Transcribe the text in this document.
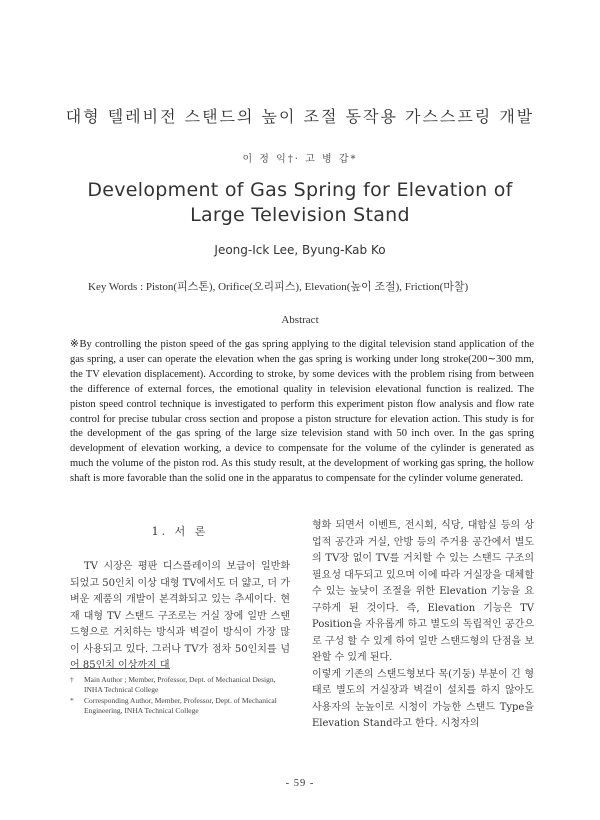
대형 텔레비전 스탠드의 높이 조절 동작용 가스스프링 개발
이 정 익†· 고 병 갑*
Development of Gas Spring for Elevation of
Large Television Stand
Jeong-Ick Lee, Byung-Kab Ko
Key Words : Piston(피스톤), Orifice(오리피스), Elevation(높이 조절), Friction(마찰)
Abstract

※By controlling the piston speed of the gas spring applying to the digital television stand application of the gas spring, a user can operate the elevation when the gas spring is working under long stroke(200∼300 mm, the TV elevation displacement). According to stroke, by some devices with the problem rising from between the difference of external forces, the emotional quality in television elevational function is realized. The piston speed control technique is investigated to perform this experiment piston flow analysis and flow rate control for precise tubular cross section and propose a piston structure for elevation action. This study is for the development of the gas spring of the large size television stand with 50 inch over. In the gas spring development of elevation working, a device to compensate for the volume of the cylinder is generated as much the volume of the piston rod. As this study result, at the development of working gas spring, the hollow shaft is more favorable than the solid one in the apparatus to compensate for the cylinder volume generated.

1. 서 론

TV 시장은 평판 디스플레이의 보급이 일반화 되었고 50인치 이상 대형 TV에서도 더 얇고, 더 가벼운 제품의 개발이 본격화되고 있는 추세이다. 현재 대형 TV 스탠드 구조로는 거실 장에 일반 스탠드형으로 거치하는 방식과 벽걸이 방식이 가장 많이 사용되고 있다. 그러나 TV가 점차 50인치를 넘어 85인치 이상까지 대

형화 되면서 이벤트, 전시회, 식당, 대합실 등의 상업적 공간과 거실, 안방 등의 주거용 공간에서 별도의 TV장 없이 TV를 거치할 수 있는 스탠드 구조의 필요성 대두되고 있으며 이에 따라 거실장을 대체할 수 있는 높낮이 조절을 위한 Elevation 기능을 요구하게 된 것이다. 즉, Elevation 기능은 TV Position을 자유롭게 하고 별도의 독립적인 공간으로 구성 할 수 있게 하여 일반 스탠드형의 단점을 보완할 수 있게 된다.

이렇게 기존의 스탠드형보다 목(기둥) 부분이 긴 형태로 별도의 거실장과 벽걸이 설치를 하지 않아도 사용자의 눈높이로 시청이 가능한 스탠드 Type을 Elevation Stand라고 한다. 시청자의

† Main Author ; Member, Professor, Dept. of Mechanical Design, INHA Technical College
* Corresponding Author, Member, Professor, Dept. of Mechanical Engineering, INHA Technical College
- 59 -
